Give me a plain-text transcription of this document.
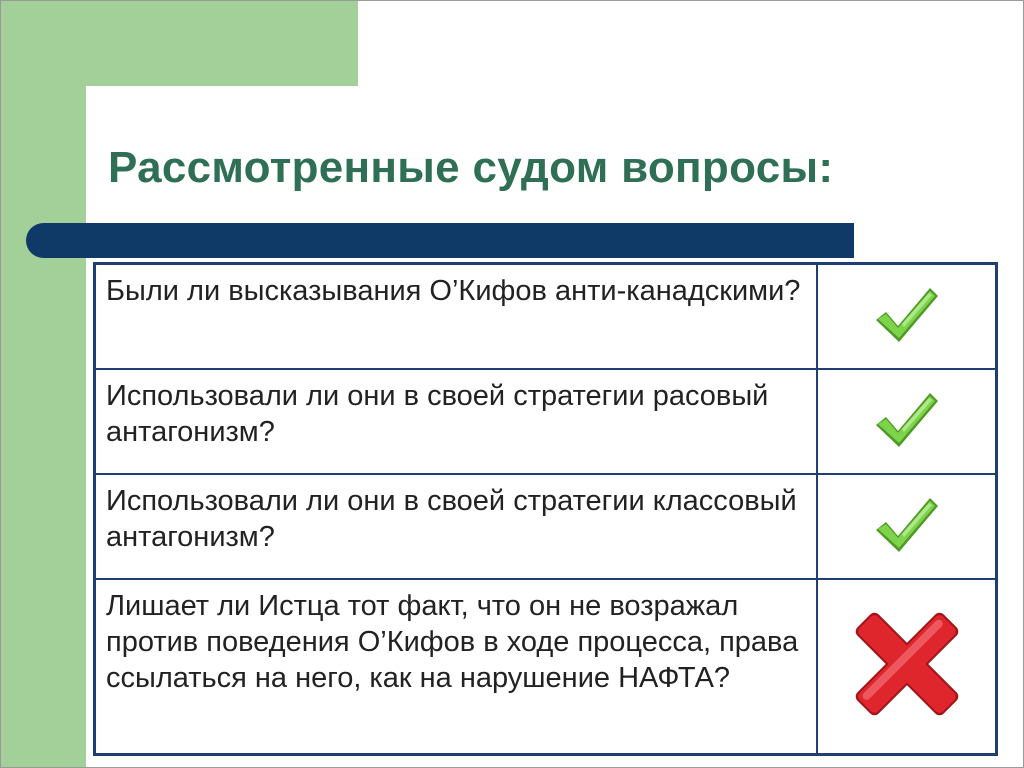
Рассмотренные судом вопросы:
Были ли высказывания О’Кифов анти-канадскими?	
Использовали ли они в своей стратегии расовый антагонизм?	
Использовали ли они в своей стратегии классовый антагонизм?	
Лишает ли Истца тот факт, что он не возражал против поведения О’Кифов в ходе процесса, права ссылаться на него, как на нарушение НАФТА?	
